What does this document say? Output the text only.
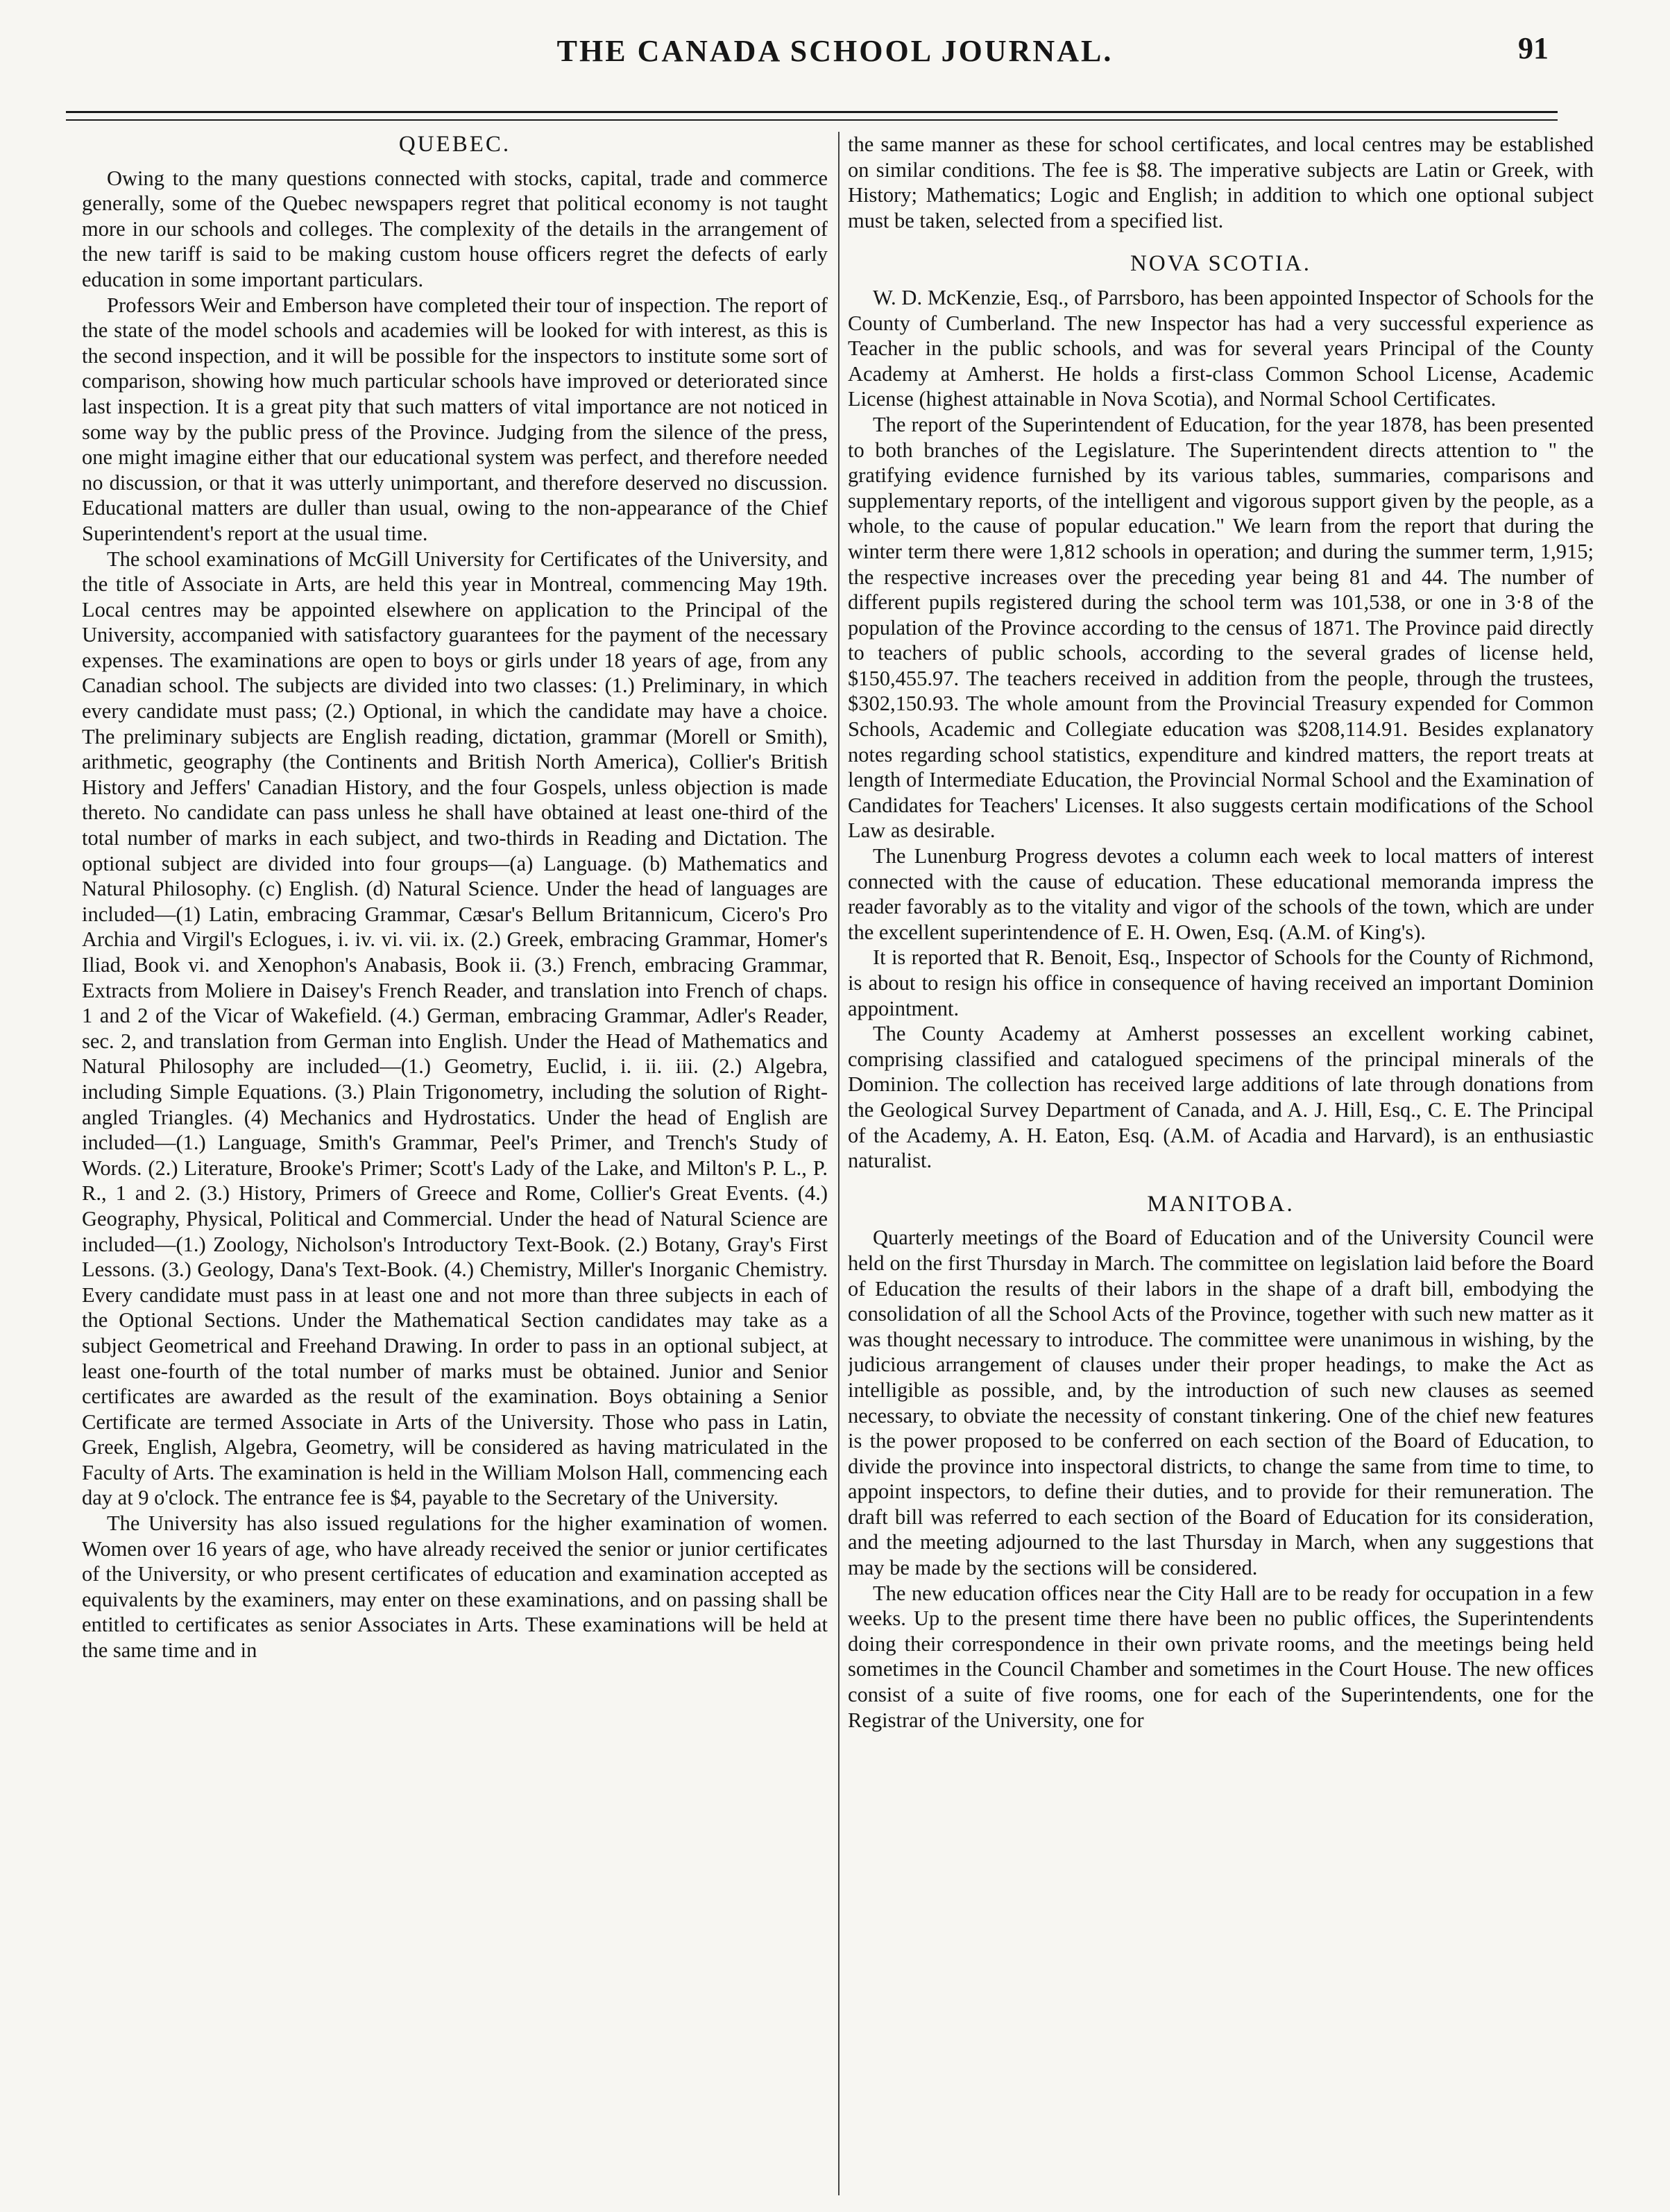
THE CANADA SCHOOL JOURNAL.	91
QUEBEC.

Owing to the many questions connected with stocks, capital, trade and commerce generally, some of the Quebec newspapers regret that political economy is not taught more in our schools and colleges. The complexity of the details in the arrangement of the new tariff is said to be making custom house officers regret the defects of early education in some important particulars.

Professors Weir and Emberson have completed their tour of inspection. The report of the state of the model schools and academies will be looked for with interest, as this is the second inspection, and it will be possible for the inspectors to institute some sort of comparison, showing how much particular schools have improved or deteriorated since last inspection. It is a great pity that such matters of vital importance are not noticed in some way by the public press of the Province. Judging from the silence of the press, one might imagine either that our educational system was perfect, and therefore needed no discussion, or that it was utterly unimportant, and therefore deserved no discussion. Educational matters are duller than usual, owing to the non-appearance of the Chief Superintendent's report at the usual time.

The school examinations of McGill University for Certificates of the University, and the title of Associate in Arts, are held this year in Montreal, commencing May 19th. Local centres may be appointed elsewhere on application to the Principal of the University, accompanied with satisfactory guarantees for the payment of the necessary expenses. The examinations are open to boys or girls under 18 years of age, from any Canadian school. The subjects are divided into two classes: (1.) Preliminary, in which every candidate must pass; (2.) Optional, in which the candidate may have a choice. The preliminary subjects are English reading, dictation, grammar (Morell or Smith), arithmetic, geography (the Continents and British North America), Collier's British History and Jeffers' Canadian History, and the four Gospels, unless objection is made thereto. No candidate can pass unless he shall have obtained at least one-third of the total number of marks in each subject, and two-thirds in Reading and Dictation. The optional subject are divided into four groups—(a) Language. (b) Mathematics and Natural Philosophy. (c) English. (d) Natural Science. Under the head of languages are included—(1) Latin, embracing Grammar, Cæsar's Bellum Britannicum, Cicero's Pro Archia and Virgil's Eclogues, i. iv. vi. vii. ix. (2.) Greek, embracing Grammar, Homer's Iliad, Book vi. and Xenophon's Anabasis, Book ii. (3.) French, embracing Grammar, Extracts from Moliere in Daisey's French Reader, and translation into French of chaps. 1 and 2 of the Vicar of Wakefield. (4.) German, embracing Grammar, Adler's Reader, sec. 2, and translation from German into English. Under the Head of Mathematics and Natural Philosophy are included—(1.) Geometry, Euclid, i. ii. iii. (2.) Algebra, including Simple Equations. (3.) Plain Trigonometry, including the solution of Right-angled Triangles. (4) Mechanics and Hydrostatics. Under the head of English are included—(1.) Language, Smith's Grammar, Peel's Primer, and Trench's Study of Words. (2.) Literature, Brooke's Primer; Scott's Lady of the Lake, and Milton's P. L., P. R., 1 and 2. (3.) History, Primers of Greece and Rome, Collier's Great Events. (4.) Geography, Physical, Political and Commercial. Under the head of Natural Science are included—(1.) Zoology, Nicholson's Introductory Text-Book. (2.) Botany, Gray's First Lessons. (3.) Geology, Dana's Text-Book. (4.) Chemistry, Miller's Inorganic Chemistry. Every candidate must pass in at least one and not more than three subjects in each of the Optional Sections. Under the Mathematical Section candidates may take as a subject Geometrical and Freehand Drawing. In order to pass in an optional subject, at least one-fourth of the total number of marks must be obtained. Junior and Senior certificates are awarded as the result of the examination. Boys obtaining a Senior Certificate are termed Associate in Arts of the University. Those who pass in Latin, Greek, English, Algebra, Geometry, will be considered as having matriculated in the Faculty of Arts. The examination is held in the William Molson Hall, commencing each day at 9 o'clock. The entrance fee is $4, payable to the Secretary of the University.

The University has also issued regulations for the higher examination of women. Women over 16 years of age, who have already received the senior or junior certificates of the University, or who present certificates of education and examination accepted as equivalents by the examiners, may enter on these examinations, and on passing shall be entitled to certificates as senior Associates in Arts. These examinations will be held at the same time and in

the same manner as these for school certificates, and local centres may be established on similar conditions. The fee is $8. The imperative subjects are Latin or Greek, with History; Mathematics; Logic and English; in addition to which one optional subject must be taken, selected from a specified list.

NOVA SCOTIA.

W. D. McKenzie, Esq., of Parrsboro, has been appointed Inspector of Schools for the County of Cumberland. The new Inspector has had a very successful experience as Teacher in the public schools, and was for several years Principal of the County Academy at Amherst. He holds a first-class Common School License, Academic License (highest attainable in Nova Scotia), and Normal School Certificates.

The report of the Superintendent of Education, for the year 1878, has been presented to both branches of the Legislature. The Superintendent directs attention to " the gratifying evidence furnished by its various tables, summaries, comparisons and supplementary reports, of the intelligent and vigorous support given by the people, as a whole, to the cause of popular education." We learn from the report that during the winter term there were 1,812 schools in operation; and during the summer term, 1,915; the respective increases over the preceding year being 81 and 44. The number of different pupils registered during the school term was 101,538, or one in 3·8 of the population of the Province according to the census of 1871. The Province paid directly to teachers of public schools, according to the several grades of license held, $150,455.97. The teachers received in addition from the people, through the trustees, $302,150.93. The whole amount from the Provincial Treasury expended for Common Schools, Academic and Collegiate education was $208,114.91. Besides explanatory notes regarding school statistics, expenditure and kindred matters, the report treats at length of Intermediate Education, the Provincial Normal School and the Examination of Candidates for Teachers' Licenses. It also suggests certain modifications of the School Law as desirable.

The Lunenburg Progress devotes a column each week to local matters of interest connected with the cause of education. These educational memoranda impress the reader favorably as to the vitality and vigor of the schools of the town, which are under the excellent superintendence of E. H. Owen, Esq. (A.M. of King's).

It is reported that R. Benoit, Esq., Inspector of Schools for the County of Richmond, is about to resign his office in consequence of having received an important Dominion appointment.

The County Academy at Amherst possesses an excellent working cabinet, comprising classified and catalogued specimens of the principal minerals of the Dominion. The collection has received large additions of late through donations from the Geological Survey Department of Canada, and A. J. Hill, Esq., C. E. The Principal of the Academy, A. H. Eaton, Esq. (A.M. of Acadia and Harvard), is an enthusiastic naturalist.

MANITOBA.

Quarterly meetings of the Board of Education and of the University Council were held on the first Thursday in March. The committee on legislation laid before the Board of Education the results of their labors in the shape of a draft bill, embodying the consolidation of all the School Acts of the Province, together with such new matter as it was thought necessary to introduce. The committee were unanimous in wishing, by the judicious arrangement of clauses under their proper headings, to make the Act as intelligible as possible, and, by the introduction of such new clauses as seemed necessary, to obviate the necessity of constant tinkering. One of the chief new features is the power proposed to be conferred on each section of the Board of Education, to divide the province into inspectoral districts, to change the same from time to time, to appoint inspectors, to define their duties, and to provide for their remuneration. The draft bill was referred to each section of the Board of Education for its consideration, and the meeting adjourned to the last Thursday in March, when any suggestions that may be made by the sections will be considered.

The new education offices near the City Hall are to be ready for occupation in a few weeks. Up to the present time there have been no public offices, the Superintendents doing their correspondence in their own private rooms, and the meetings being held sometimes in the Council Chamber and sometimes in the Court House. The new offices consist of a suite of five rooms, one for each of the Superintendents, one for the Registrar of the University, one for
